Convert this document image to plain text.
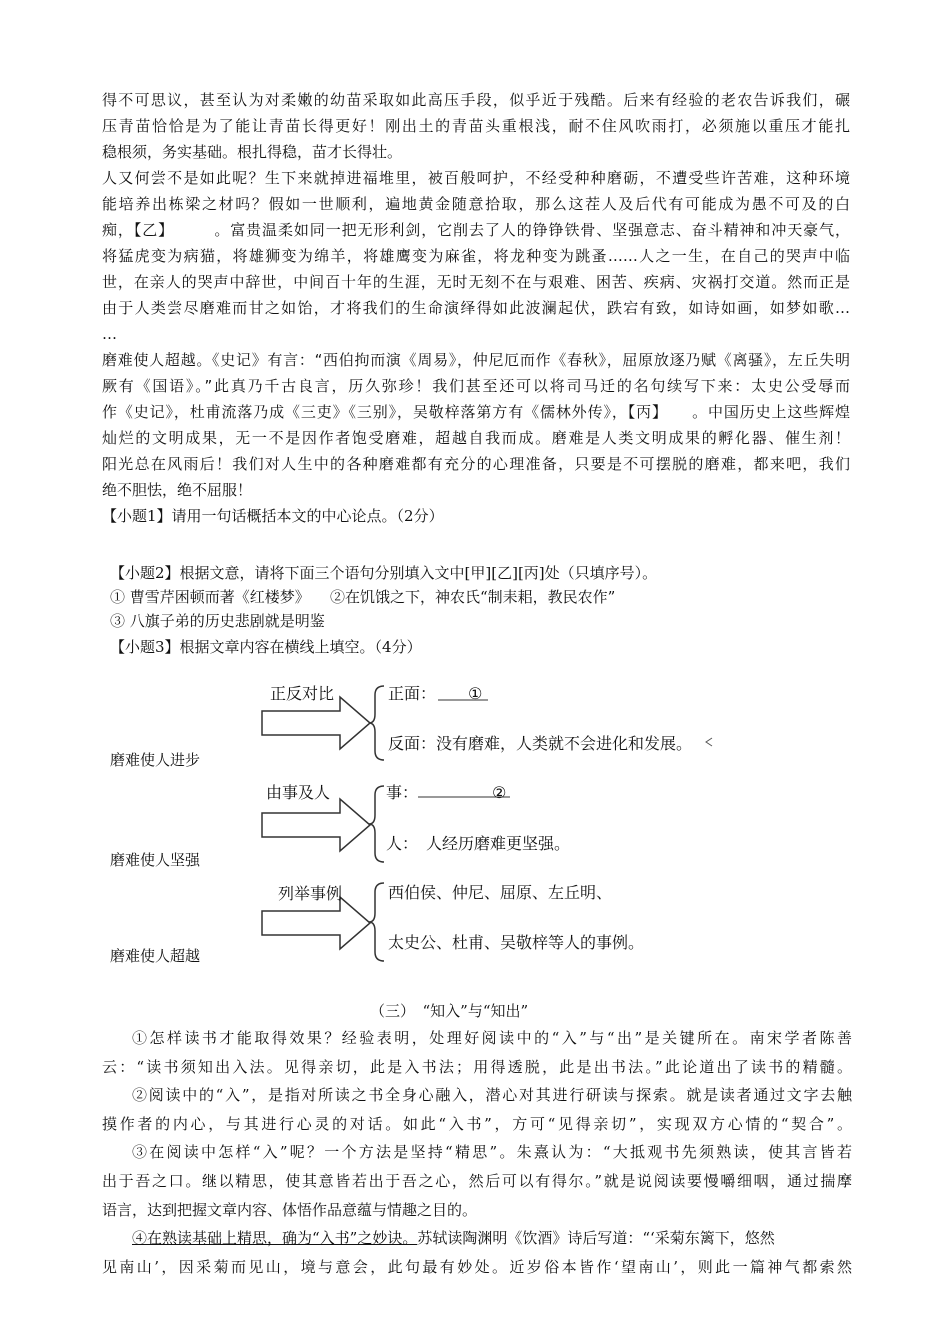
得不可思议，甚至认为对柔嫩的幼苗采取如此高压手段，似乎近于残酷。后来有经验的老农告诉我们，碾
压青苗恰恰是为了能让青苗长得更好！刚出土的青苗头重根浅，耐不住风吹雨打，必须施以重压才能扎
稳根须，务实基础。根扎得稳，苗才长得壮。
人又何尝不是如此呢？生下来就掉进福堆里，被百般呵护，不经受种种磨砺，不遭受些许苦难，这种环境
能培养出栋梁之材吗？假如一世顺利，遍地黄金随意拾取，那么这茬人及后代有可能成为愚不可及的白
痴，【乙】　　　。富贵温柔如同一把无形利剑，它削去了人的铮铮铁骨、坚强意志、奋斗精神和冲天豪气，
将猛虎变为病猫，将雄狮变为绵羊，将雄鹰变为麻雀，将龙种变为跳蚤……人之一生，在自己的哭声中临
世，在亲人的哭声中辞世，中间百十年的生涯，无时无刻不在与艰难、困苦、疾病、灾祸打交道。然而正是
由于人类尝尽磨难而甘之如饴，才将我们的生命演绎得如此波澜起伏，跌宕有致，如诗如画，如梦如歌…
…
磨难使人超越。《史记》有言：“西伯拘而演《周易》，仲尼厄而作《春秋》，屈原放逐乃赋《离骚》，左丘失明
厥有《国语》。”此真乃千古良言，历久弥珍！我们甚至还可以将司马迁的名句续写下来：太史公受辱而
作《史记》，杜甫流落乃成《三吏》《三别》，吴敬梓落第方有《儒林外传》，【丙】　　。中国历史上这些辉煌
灿烂的文明成果，无一不是因作者饱受磨难，超越自我而成。磨难是人类文明成果的孵化器、催生剂！
阳光总在风雨后！我们对人生中的各种磨难都有充分的心理准备，只要是不可摆脱的磨难，都来吧，我们
绝不胆怯，绝不屈服！
【小题1】请用一句话概括本文的中心论点。（2分）
【小题2】根据文意，请将下面三个语句分别填入文中[甲][乙][丙]处（只填序号）。
① 曹雪芹困顿而著《红楼梦》 ②在饥饿之下，神农氏“制耒耜，教民农作”
③ 八旗子弟的历史悲剧就是明鉴
【小题3】根据文章内容在横线上填空。（4分）
正反对比	正面： ①
反面：没有磨难，人类就不会进化和发展。
磨难使人进步
由事及人	事：	②
人：　人经历磨难更坚强。
磨难使人坚强
列举事例	西伯侯、仲尼、屈原、左丘明、
太史公、杜甫、吴敬梓等人的事例。
磨难使人超越
（三）　“知入”与“知出”
①怎样读书才能取得效果？经验表明，处理好阅读中的“入”与“出”是关键所在。南宋学者陈善
云：“读书须知出入法。见得亲切，此是入书法；用得透脱，此是出书法。”此论道出了读书的精髓。
②阅读中的“入”，是指对所读之书全身心融入，潜心对其进行研读与探索。就是读者通过文字去触
摸作者的内心，与其进行心灵的对话。如此“入书”，方可“见得亲切”，实现双方心情的“契合”。
③在阅读中怎样“入”呢？一个方法是坚持“精思”。朱熹认为：“大抵观书先须熟读，使其言皆若
出于吾之口。继以精思，使其意皆若出于吾之心，然后可以有得尔。”就是说阅读要慢嚼细咽，通过揣摩
语言，达到把握文章内容、体悟作品意蕴与情趣之目的。
④在熟读基础上精思，确为“入书”之妙诀。苏轼读陶渊明《饮酒》诗后写道：“‘采菊东篱下，悠然
见南山’，因采菊而见山，境与意会，此句最有妙处。近岁俗本皆作‘望南山’，则此一篇神气都索然
